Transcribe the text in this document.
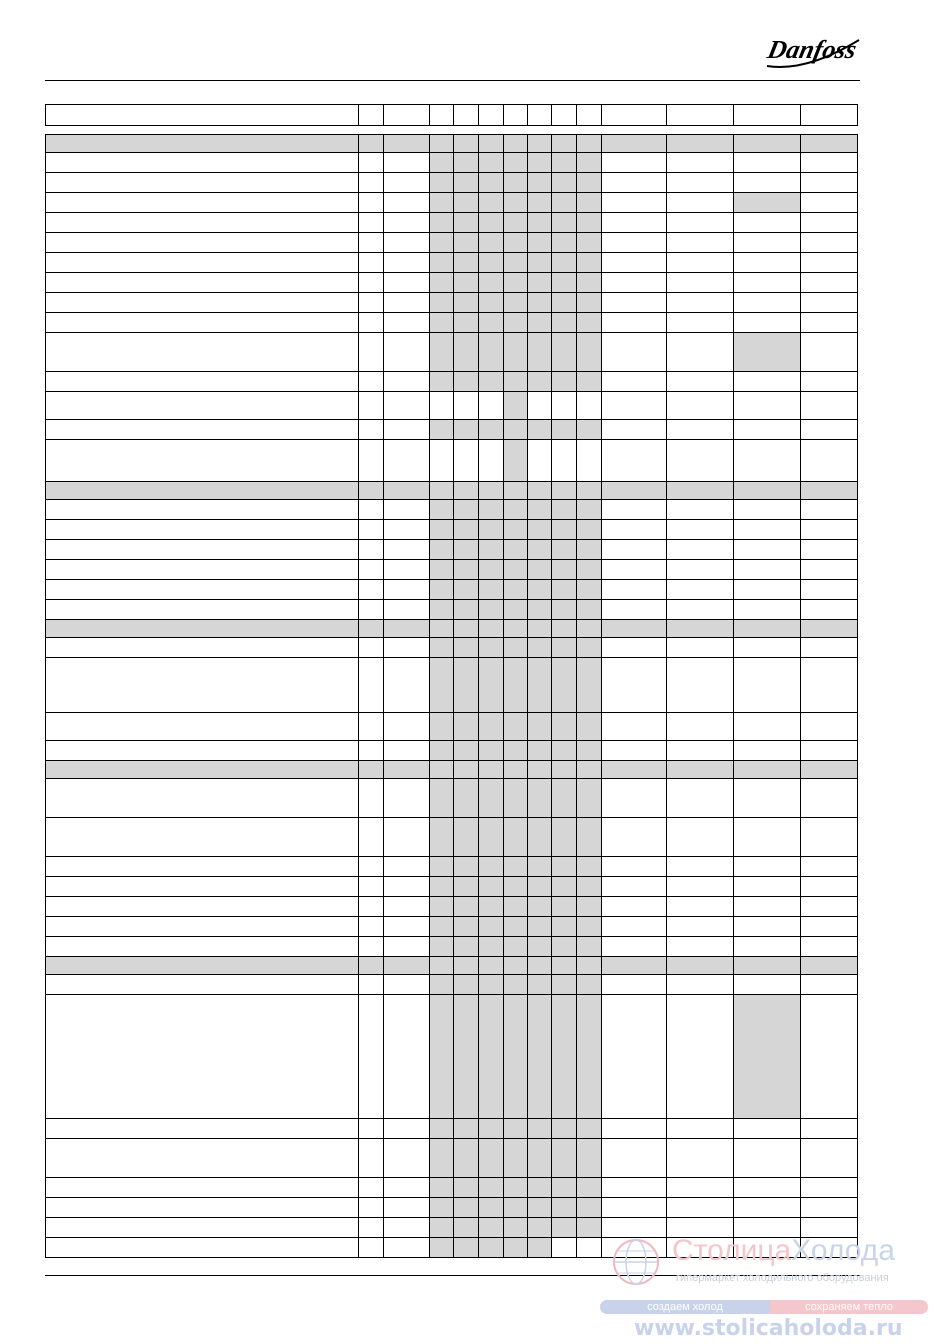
Danfoss

СтолицаХолода
гипермаркет холодильного оборудования
создаем холод	сохраняем тепло
www.stolicaholoda.ru
